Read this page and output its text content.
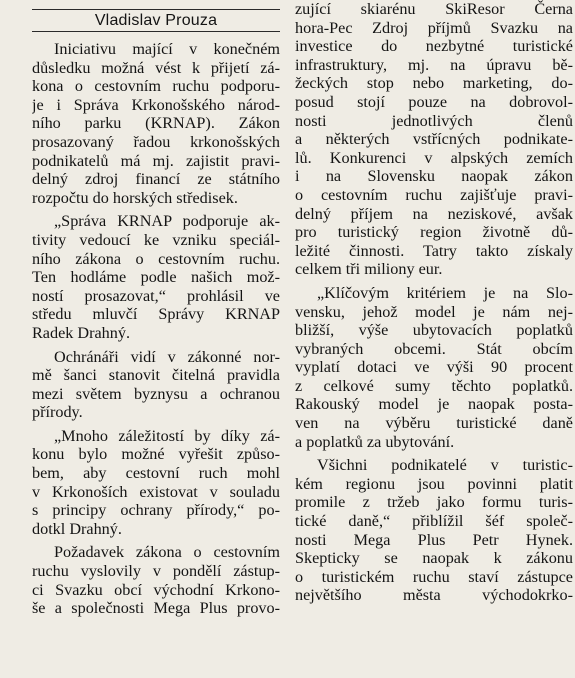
Vladislav Prouza
Iniciativu mající v konečném
důsledku možná vést k přijetí zá-
kona o cestovním ruchu podporu-
je i Správa Krkonošského národ-
ního parku (KRNAP). Zákon
prosazovaný řadou krkonošských
podnikatelů má mj. zajistit pravi-
delný zdroj financí ze státního
rozpočtu do horských středisek.
„Správa KRNAP podporuje ak-
tivity vedoucí ke vzniku speciál-
ního zákona o cestovním ruchu.
Ten hodláme podle našich mož-
ností prosazovat,“ prohlásil ve
středu mluvčí Správy KRNAP
Radek Drahný.
Ochránáři vidí v zákonné nor-
mě šanci stanovit čitelná pravidla
mezi světem byznysu a ochranou
přírody.
„Mnoho záležitostí by díky zá-
konu bylo možné vyřešit způso-
bem, aby cestovní ruch mohl
v Krkonoších existovat v souladu
s principy ochrany přírody,“ po-
dotkl Drahný.
Požadavek zákona o cestovním
ruchu vyslovily v pondělí zástup-
ci Svazku obcí východní Krkono-
še a společnosti Mega Plus provo-
zující skiarénu SkiResor Černa
hora-Pec Zdroj příjmů Svazku na
investice do nezbytné turistické
infrastruktury, mj. na úpravu bě-
žeckých stop nebo marketing, do-
posud stojí pouze na dobrovol-
nosti jednotlivých členů
a některých vstřícných podnikate-
lů. Konkurenci v alpských zemích
i na Slovensku naopak zákon
o cestovním ruchu zajišťuje pravi-
delný příjem na neziskové, avšak
pro turistický region životně dů-
ležité činnosti. Tatry takto získaly
celkem tři miliony eur.
„Klíčovým kritériem je na Slo-
vensku, jehož model je nám nej-
bližší, výše ubytovacích poplatků
vybraných obcemi. Stát obcím
vyplatí dotaci ve výši 90 procent
z celkové sumy těchto poplatků.
Rakouský model je naopak posta-
ven na výběru turistické daně
a poplatků za ubytování.
Všichni podnikatelé v turistic-
kém regionu jsou povinni platit
promile z tržeb jako formu turis-
tické daně,“ přiblížil šéf společ-
nosti Mega Plus Petr Hynek.
Skepticky se naopak k zákonu
o turistickém ruchu staví zástupce
největšího města východokrko-
